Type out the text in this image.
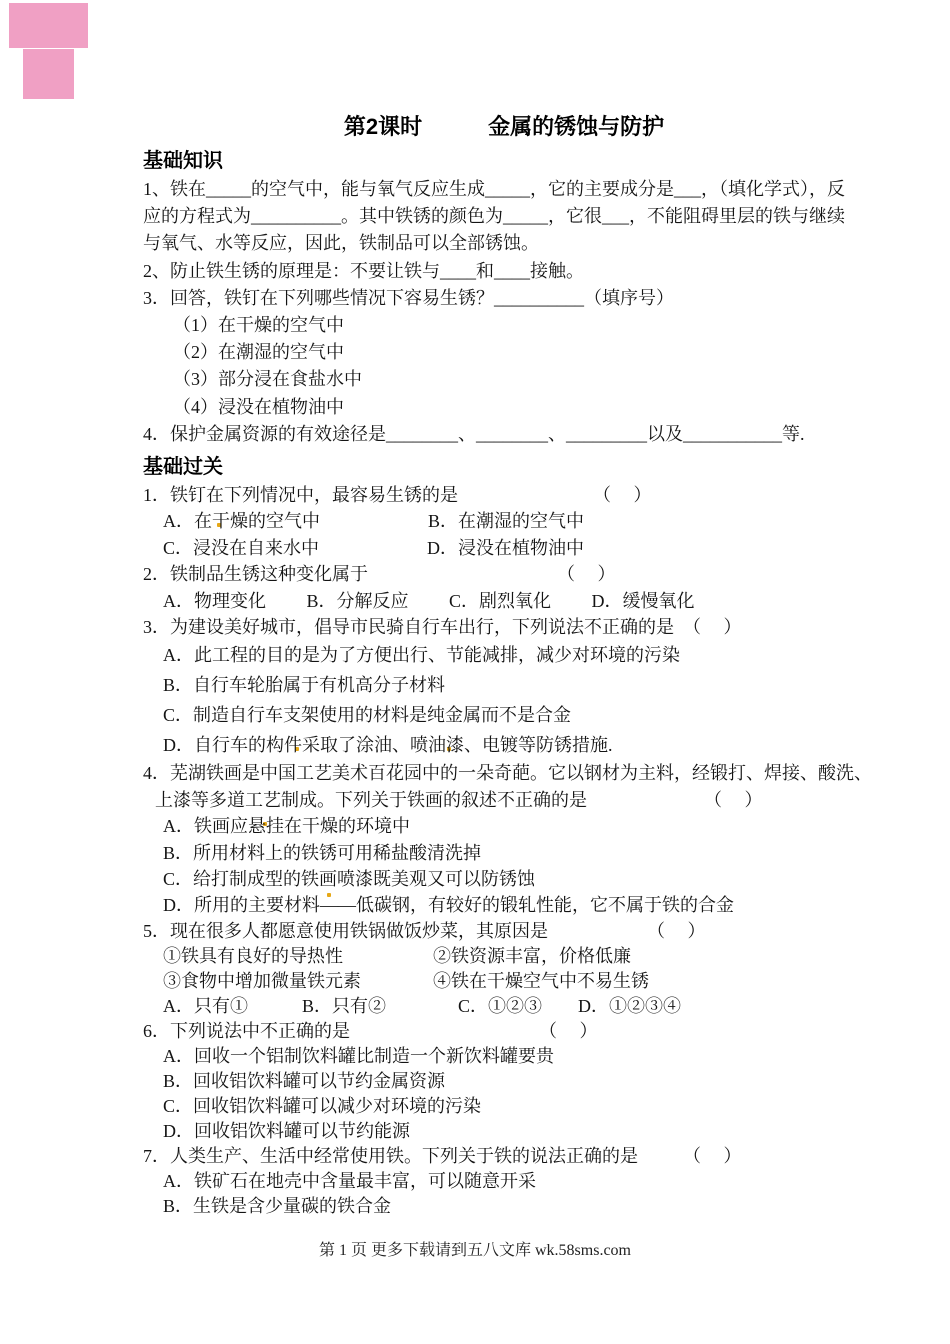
第2课时　　　金属的锈蚀与防护
基础知识
1、铁在_____的空气中，能与氧气反应生成_____，它的主要成分是___，（填化学式），反
应的方程式为__________。其中铁锈的颜色为_____，它很___，不能阻碍里层的铁与继续
与氧气、水等反应，因此，铁制品可以全部锈蚀。
2、防止铁生锈的原理是：不要让铁与____和____接触。
3．回答，铁钉在下列哪些情况下容易生锈？__________（填序号）
（1）在干燥的空气中
（2）在潮湿的空气中
（3）部分浸在食盐水中
（4）浸没在植物油中
4．保护金属资源的有效途径是________、________、_________以及___________等.
基础过关
1．铁钉在下列情况中，最容易生锈的是　　　　　　　　（　 ）
A．在干燥的空气中　　　　　　B．在潮湿的空气中
C．浸没在自来水中　　　　　　D．浸没在植物油中
2．铁制品生锈这种变化属于　　　　　　　　　　　（　 ）
A．物理变化　　 B．分解反应　　 C．剧烈氧化　　 D．缓慢氧化
3．为建设美好城市，倡导市民骑自行车出行，下列说法不正确的是　（　 ）
A．此工程的目的是为了方便出行、节能减排，减少对环境的污染
B．自行车轮胎属于有机高分子材料
C．制造自行车支架使用的材料是纯金属而不是合金
D．自行车的构件采取了涂油、喷油漆、电镀等防锈措施.
4．芜湖铁画是中国工艺美术百花园中的一朵奇葩。它以钢材为主料，经锻打、焊接、酸洗、
上漆等多道工艺制成。下列关于铁画的叙述不正确的是　　　　　　　（　 ）
A．铁画应悬挂在干燥的环境中
B．所用材料上的铁锈可用稀盐酸清洗掉
C．给打制成型的铁画喷漆既美观又可以防锈蚀
D．所用的主要材料——低碳钢，有较好的锻轧性能，它不属于铁的合金
5．现在很多人都愿意使用铁锅做饭炒菜，其原因是　　　　　　（　 ）
①铁具有良好的导热性　　　　　②铁资源丰富，价格低廉
③食物中增加微量铁元素　　　　④铁在干燥空气中不易生锈
A．只有①　　　B．只有②　　　　C．①②③　　D．①②③④
6．下列说法中不正确的是　　　　　　　　　　　（　 ）
A．回收一个铝制饮料罐比制造一个新饮料罐要贵
B．回收铝饮料罐可以节约金属资源
C．回收铝饮料罐可以减少对环境的污染
D．回收铝饮料罐可以节约能源
7．人类生产、生活中经常使用铁。下列关于铁的说法正确的是　　　（　 ）
A．铁矿石在地壳中含量最丰富，可以随意开采
B．生铁是含少量碳的铁合金
第 1 页 更多下载请到五八文库 wk.58sms.com
